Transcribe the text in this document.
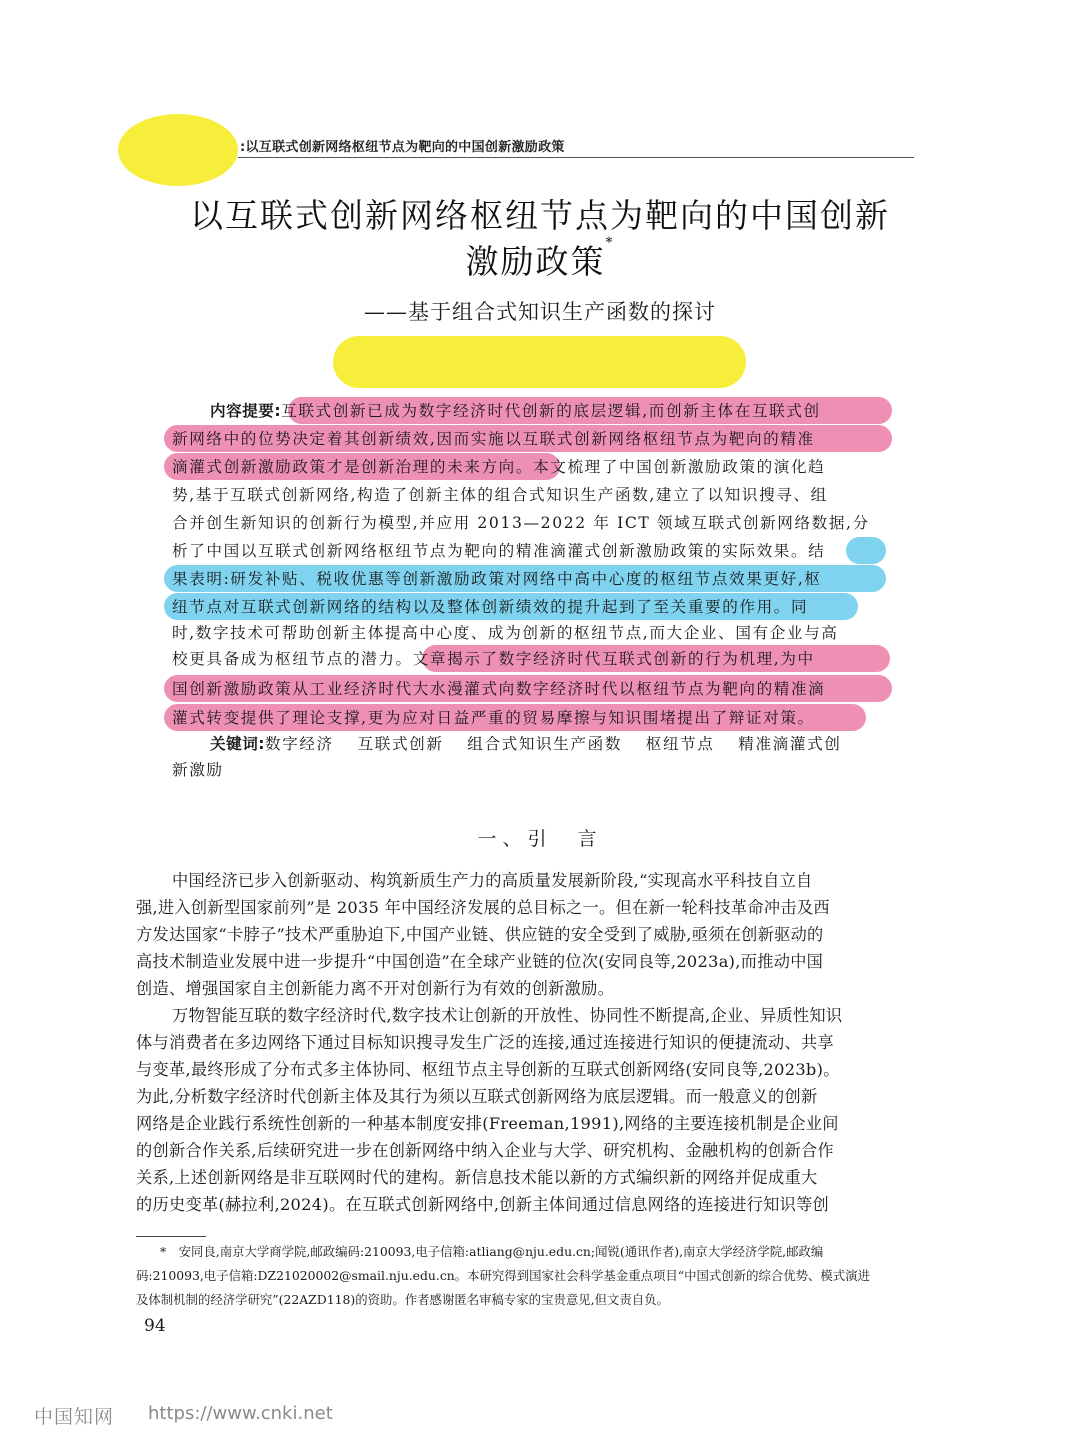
:以互联式创新网络枢纽节点为靶向的中国创新激励政策
以互联式创新网络枢纽节点为靶向的中国创新
激励政策*
——基于组合式知识生产函数的探讨
内容提要:互联式创新已成为数字经济时代创新的底层逻辑,而创新主体在互联式创
新网络中的位势决定着其创新绩效,因而实施以互联式创新网络枢纽节点为靶向的精准
滴灌式创新激励政策才是创新治理的未来方向。本文梳理了中国创新激励政策的演化趋
势,基于互联式创新网络,构造了创新主体的组合式知识生产函数,建立了以知识搜寻、组
合并创生新知识的创新行为模型,并应用 2013—2022 年 ICT 领域互联式创新网络数据,分
析了中国以互联式创新网络枢纽节点为靶向的精准滴灌式创新激励政策的实际效果。结
果表明:研发补贴、税收优惠等创新激励政策对网络中高中心度的枢纽节点效果更好,枢
纽节点对互联式创新网络的结构以及整体创新绩效的提升起到了至关重要的作用。同
时,数字技术可帮助创新主体提高中心度、成为创新的枢纽节点,而大企业、国有企业与高
校更具备成为枢纽节点的潜力。文章揭示了数字经济时代互联式创新的行为机理,为中
国创新激励政策从工业经济时代大水漫灌式向数字经济时代以枢纽节点为靶向的精准滴
灌式转变提供了理论支撑,更为应对日益严重的贸易摩擦与知识围堵提出了辩证对策。
关键词:数字经济　 互联式创新　 组合式知识生产函数　 枢纽节点　 精准滴灌式创
新激励
一、引　言
中国经济已步入创新驱动、构筑新质生产力的高质量发展新阶段,“实现高水平科技自立自
强,进入创新型国家前列”是 2035 年中国经济发展的总目标之一。但在新一轮科技革命冲击及西
方发达国家“卡脖子”技术严重胁迫下,中国产业链、供应链的安全受到了威胁,亟须在创新驱动的
高技术制造业发展中进一步提升“中国创造”在全球产业链的位次(安同良等,2023a),而推动中国
创造、增强国家自主创新能力离不开对创新行为有效的创新激励。
万物智能互联的数字经济时代,数字技术让创新的开放性、协同性不断提高,企业、异质性知识
体与消费者在多边网络下通过目标知识搜寻发生广泛的连接,通过连接进行知识的便捷流动、共享
与变革,最终形成了分布式多主体协同、枢纽节点主导创新的互联式创新网络(安同良等,2023b)。
为此,分析数字经济时代创新主体及其行为须以互联式创新网络为底层逻辑。而一般意义的创新
网络是企业践行系统性创新的一种基本制度安排(Freeman,1991),网络的主要连接机制是企业间
的创新合作关系,后续研究进一步在创新网络中纳入企业与大学、研究机构、金融机构的创新合作
关系,上述创新网络是非互联网时代的建构。新信息技术能以新的方式编织新的网络并促成重大
的历史变革(赫拉利,2024)。在互联式创新网络中,创新主体间通过信息网络的连接进行知识等创
*　安同良,南京大学商学院,邮政编码:210093,电子信箱:atliang@nju.edu.cn;闻锐(通讯作者),南京大学经济学院,邮政编
码:210093,电子信箱:DZ21020002@smail.nju.edu.cn。本研究得到国家社会科学基金重点项目“中国式创新的综合优势、模式演进
及体制机制的经济学研究”(22AZD118)的资助。作者感谢匿名审稿专家的宝贵意见,但文责自负。
94
中国知网 https://www.cnki.net
